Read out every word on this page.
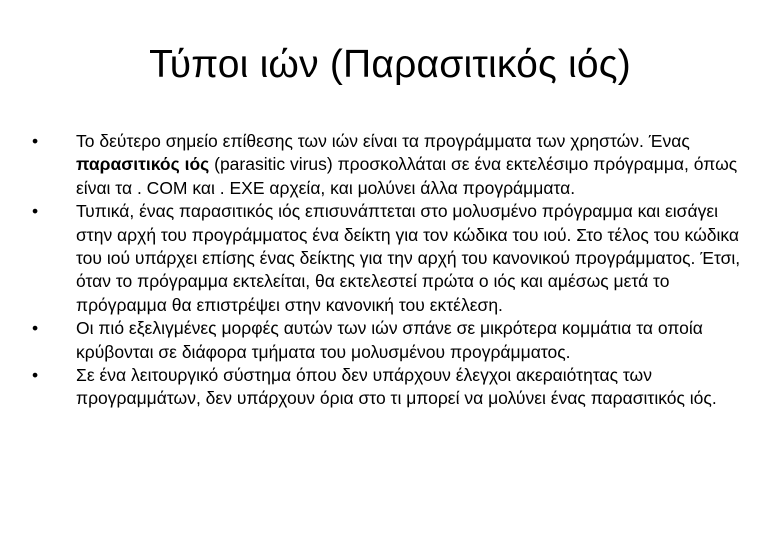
Τύποι ιών (Παρασιτικός ιός)
•	Το δεύτερο σημείο επίθεσης των ιών είναι τα προγράμματα των χρηστών. Ένας παρασιτικός ιός (parasitic virus) προσκολλάται σε ένα εκτελέσιμο πρόγραμμα, όπως είναι τα . COM και . EXE αρχεία, και μολύνει άλλα προγράμματα.
•	Τυπικά, ένας παρασιτικός ιός επισυνάπτεται στο μολυσμένο πρόγραμμα και εισάγει στην αρχή του προγράμματος ένα δείκτη για τον κώδικα του ιού. Στο τέλος του κώδικα του ιού υπάρχει επίσης ένας δείκτης για την αρχή του κανονικού προγράμματος. Έτσι, όταν το πρόγραμμα εκτελείται, θα εκτελεστεί πρώτα ο ιός και αμέσως μετά το πρόγραμμα θα επιστρέψει στην κανονική του εκτέλεση.
•	Οι πιό εξελιγμένες μορφές αυτών των ιών σπάνε σε μικρότερα κομμάτια τα οποία κρύβονται σε διάφορα τμήματα του μολυσμένου προγράμματος.
•	Σε ένα λειτουργικό σύστημα όπου δεν υπάρχουν έλεγχοι ακεραιότητας των προγραμμάτων, δεν υπάρχουν όρια στο τι μπορεί να μολύνει ένας παρασιτικός ιός.
